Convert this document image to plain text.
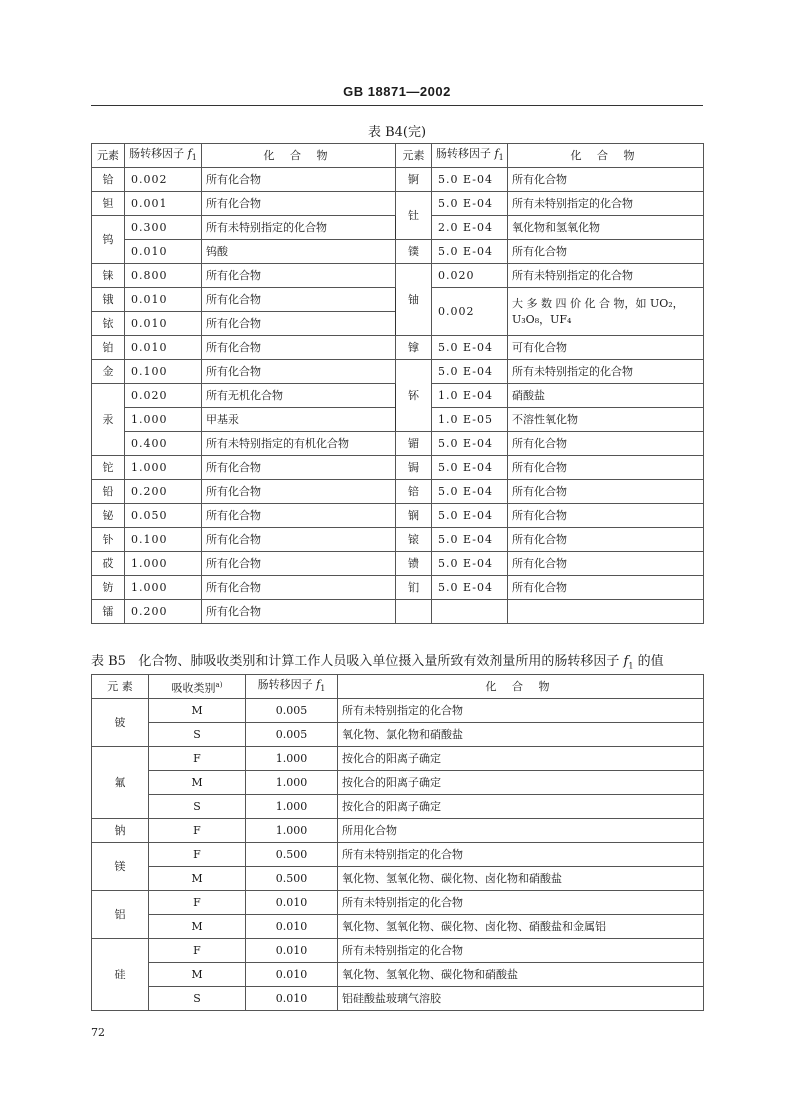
GB 18871—2002
表 B4(完)
元素	肠转移因子 $f_1$	化 合 物	元素	肠转移因子 $f_1$	化 合 物
铪	0.002	所有化合物	锕	5.0 E-04	所有化合物
钽	0.001	所有化合物	钍	5.0 E-04	所有未特别指定的化合物
钨	0.300	所有未特别指定的化合物		2.0 E-04	氧化物和氢氧化物
	0.010	钨酸	镤	5.0 E-04	所有化合物
铼	0.800	所有化合物	铀	0.020	所有未特别指定的化合物
锇	0.010	所有化合物		0.002	大 多 数 四 价 化 合 物，如 UO₂，U₃O₈，UF₄
铱	0.010	所有化合物			
铂	0.010	所有化合物	镎	5.0 E-04	可有化合物
金	0.100	所有化合物	钚	5.0 E-04	所有未特别指定的化合物
汞	0.020	所有无机化合物		1.0 E-04	硝酸盐
	1.000	甲基汞		1.0 E-05	不溶性氧化物
	0.400	所有未特别指定的有机化合物	镅	5.0 E-04	所有化合物
铊	1.000	所有化合物	锔	5.0 E-04	所有化合物
铅	0.200	所有化合物	锫	5.0 E-04	所有化合物
铋	0.050	所有化合物	锎	5.0 E-04	所有化合物
钋	0.100	所有化合物	锿	5.0 E-04	所有化合物
砹	1.000	所有化合物	镄	5.0 E-04	所有化合物
钫	1.000	所有化合物	钔	5.0 E-04	所有化合物
镭	0.200	所有化合物			
表 B5 化合物、肺吸收类别和计算工作人员吸入单位摄入量所致有效剂量所用的肠转移因子 $f_1$ 的值
元 素	吸收类别$^{a)}$	肠转移因子 $f_1$	化 合 物
铍	M	0.005	所有未特别指定的化合物
	S	0.005	氧化物、氯化物和硝酸盐
氟	F	1.000	按化合的阳离子确定
	M	1.000	按化合的阳离子确定
	S	1.000	按化合的阳离子确定
钠	F	1.000	所用化合物
镁	F	0.500	所有未特别指定的化合物
	M	0.500	氧化物、氢氧化物、碳化物、卤化物和硝酸盐
铝	F	0.010	所有未特别指定的化合物
	M	0.010	氧化物、氢氧化物、碳化物、卤化物、硝酸盐和金属铝
硅	F	0.010	所有未特别指定的化合物
	M	0.010	氧化物、氢氧化物、碳化物和硝酸盐
	S	0.010	铝硅酸盐玻璃气溶胶
72
